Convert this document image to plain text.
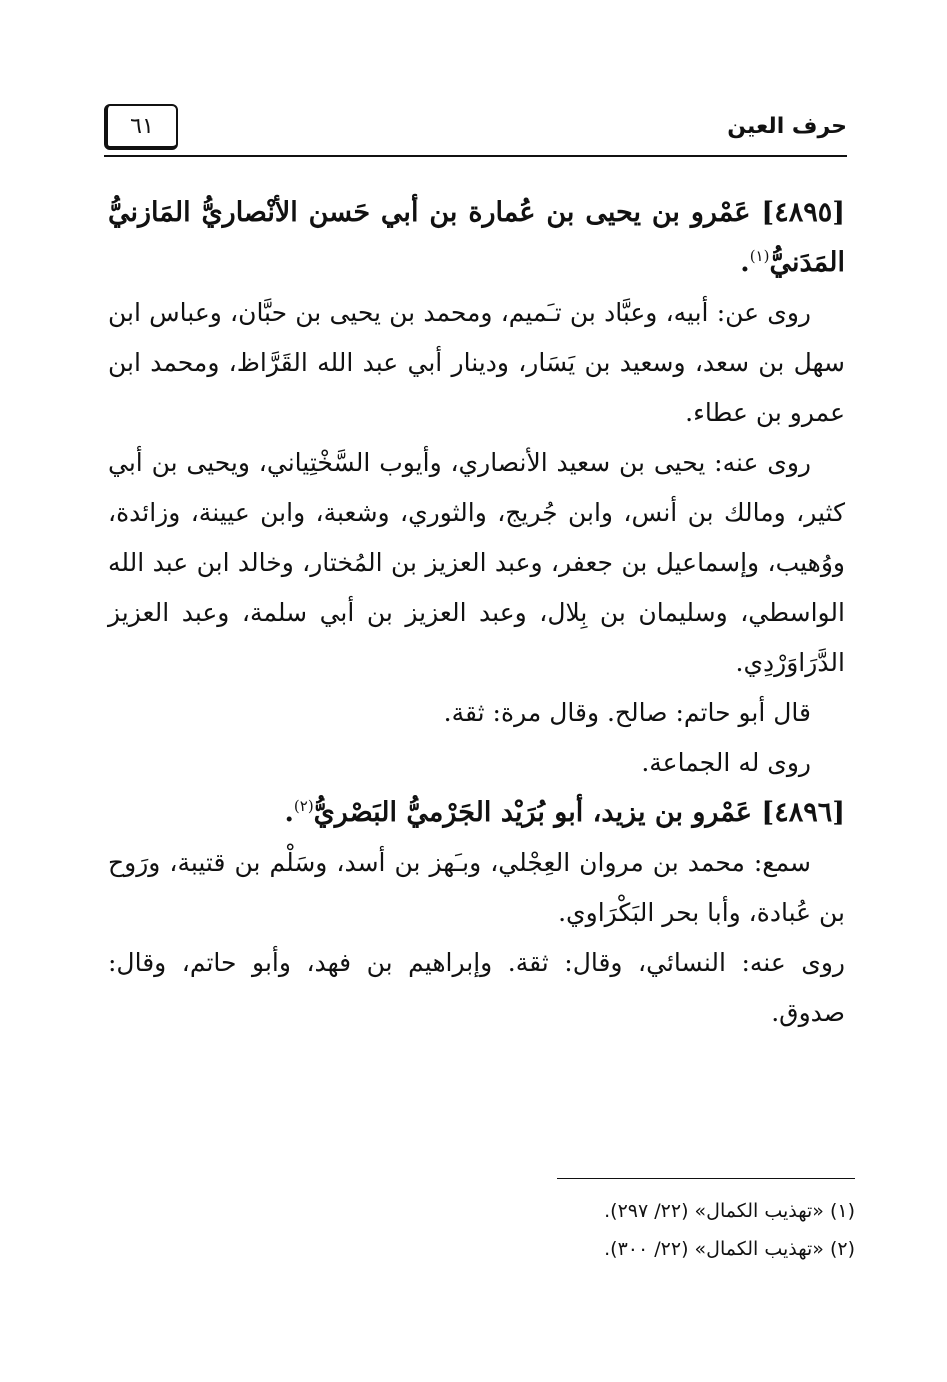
حرف العين
٦١

[٤٨٩٥] عَمْرو بن يحيى بن عُمارة بن أبي حَسن الأنْصاريُّ المَازنيُّ المَدَنيُّ$^{(١)}$.

روى عن: أبيه، وعبَّاد بن تـَميم، ومحمد بن يحيى بن حبَّان، وعباس ابن سهل بن سعد، وسعيد بن يَسَار، ودينار أبي عبد الله القَرَّاظ، ومحمد ابن عمرو بن عطاء.

روى عنه: يحيى بن سعيد الأنصاري، وأيوب السَّخْتِياني، ويحيى بن أبي كثير، ومالك بن أنس، وابن جُريج، والثوري، وشعبة، وابن عيينة، وزائدة، ووُهيب، وإسماعيل بن جعفر، وعبد العزيز بن المُختار، وخالد ابن عبد الله الواسطي، وسليمان بن بِلال، وعبد العزيز بن أبي سلمة، وعبد العزيز الدَّرَاوَرْدِي.

قال أبو حاتم: صالح. وقال مرة: ثقة.

روى له الجماعة.

[٤٨٩٦] عَمْرو بن يزيد، أبو بُرَيْد الجَرْميُّ البَصْريُّ$^{(٢)}$.

سمع: محمد بن مروان العِجْلي، وبـَهز بن أسد، وسَلْم بن قتيبة، ورَوح بن عُبادة، وأبا بحر البَكْرَاوي.

روى عنه: النسائي، وقال: ثقة. وإبراهيم بن فهد، وأبو حاتم، وقال: صدوق.

(١) «تهذيب الكمال» (٢٢/ ٢٩٧).

(٢) «تهذيب الكمال» (٢٢/ ٣٠٠).
